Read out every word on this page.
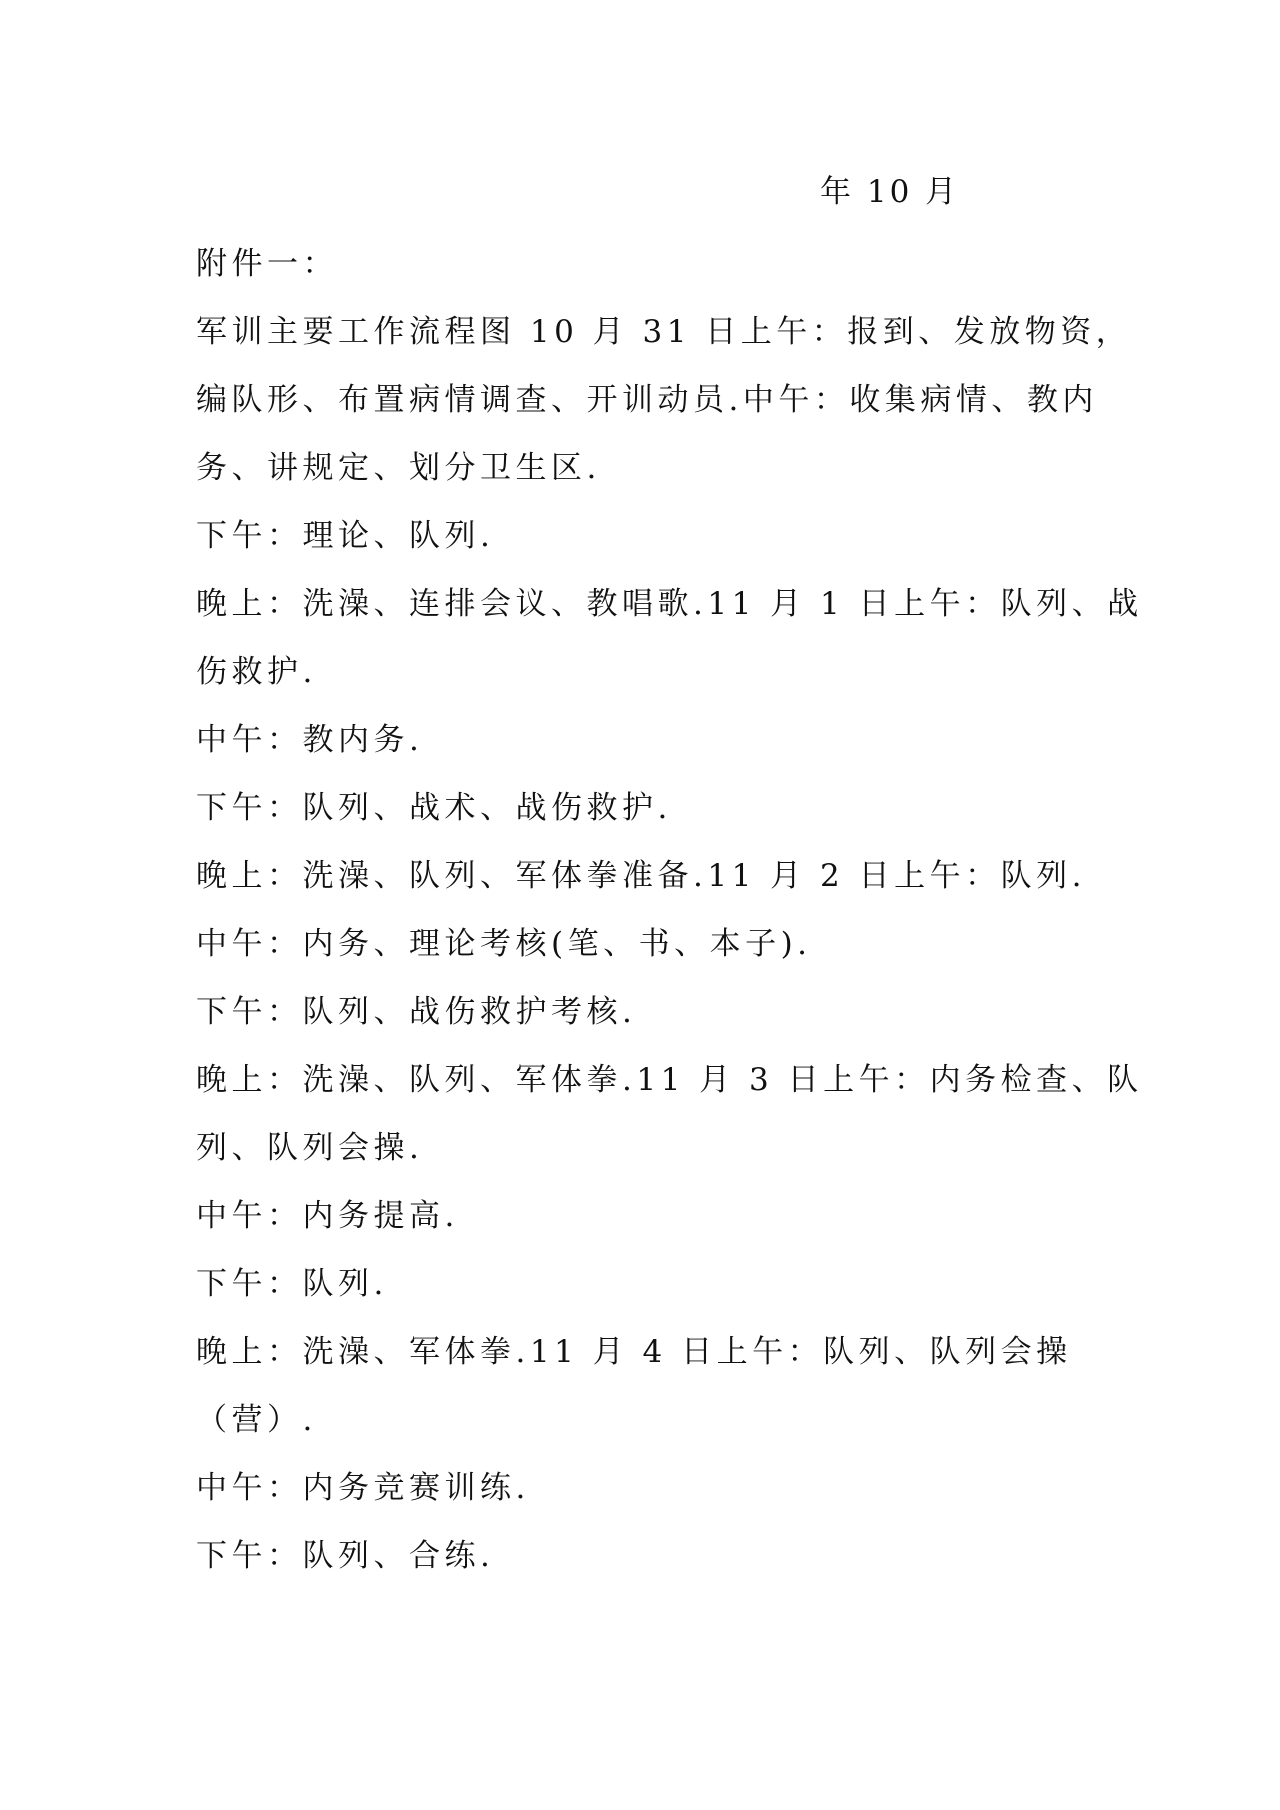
年 10 月
附件一：
军训主要工作流程图 10 月 31 日上午：报到、发放物资，
编队形、布置病情调查、开训动员.中午：收集病情、教内
务、讲规定、划分卫生区.
下午：理论、队列.
晚上：洗澡、连排会议、教唱歌.11 月 1 日上午：队列、战
伤救护.
中午：教内务.
下午：队列、战术、战伤救护.
晚上：洗澡、队列、军体拳准备.11 月 2 日上午：队列.
中午：内务、理论考核(笔、书、本子).
下午：队列、战伤救护考核.
晚上：洗澡、队列、军体拳.11 月 3 日上午：内务检查、队
列、队列会操.
中午：内务提高.
下午：队列.
晚上：洗澡、军体拳.11 月 4 日上午：队列、队列会操
（营）.
中午：内务竞赛训练.
下午：队列、合练.
